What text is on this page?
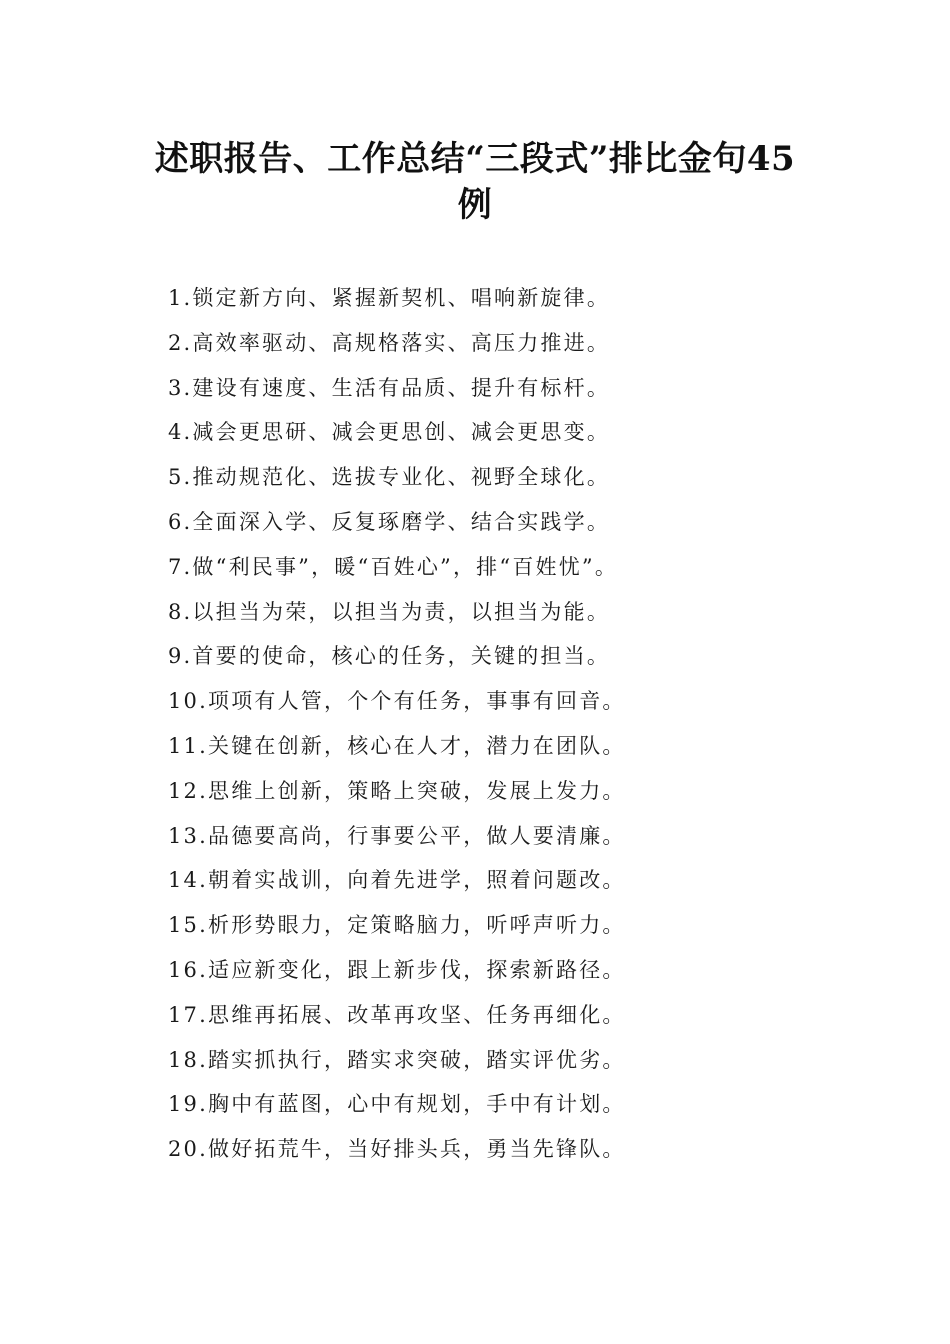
述职报告、工作总结“三段式”排比金句45
例
1.锁定新方向、紧握新契机、唱响新旋律。
2.高效率驱动、高规格落实、高压力推进。
3.建设有速度、生活有品质、提升有标杆。
4.减会更思研、减会更思创、减会更思变。
5.推动规范化、选拔专业化、视野全球化。
6.全面深入学、反复琢磨学、结合实践学。
7.做“利民事”，暖“百姓心”，排“百姓忧”。
8.以担当为荣，以担当为责，以担当为能。
9.首要的使命，核心的任务，关键的担当。
10.项项有人管，个个有任务，事事有回音。
11.关键在创新，核心在人才，潜力在团队。
12.思维上创新，策略上突破，发展上发力。
13.品德要高尚，行事要公平，做人要清廉。
14.朝着实战训，向着先进学，照着问题改。
15.析形势眼力，定策略脑力，听呼声听力。
16.适应新变化，跟上新步伐，探索新路径。
17.思维再拓展、改革再攻坚、任务再细化。
18.踏实抓执行，踏实求突破，踏实评优劣。
19.胸中有蓝图，心中有规划，手中有计划。
20.做好拓荒牛，当好排头兵，勇当先锋队。
